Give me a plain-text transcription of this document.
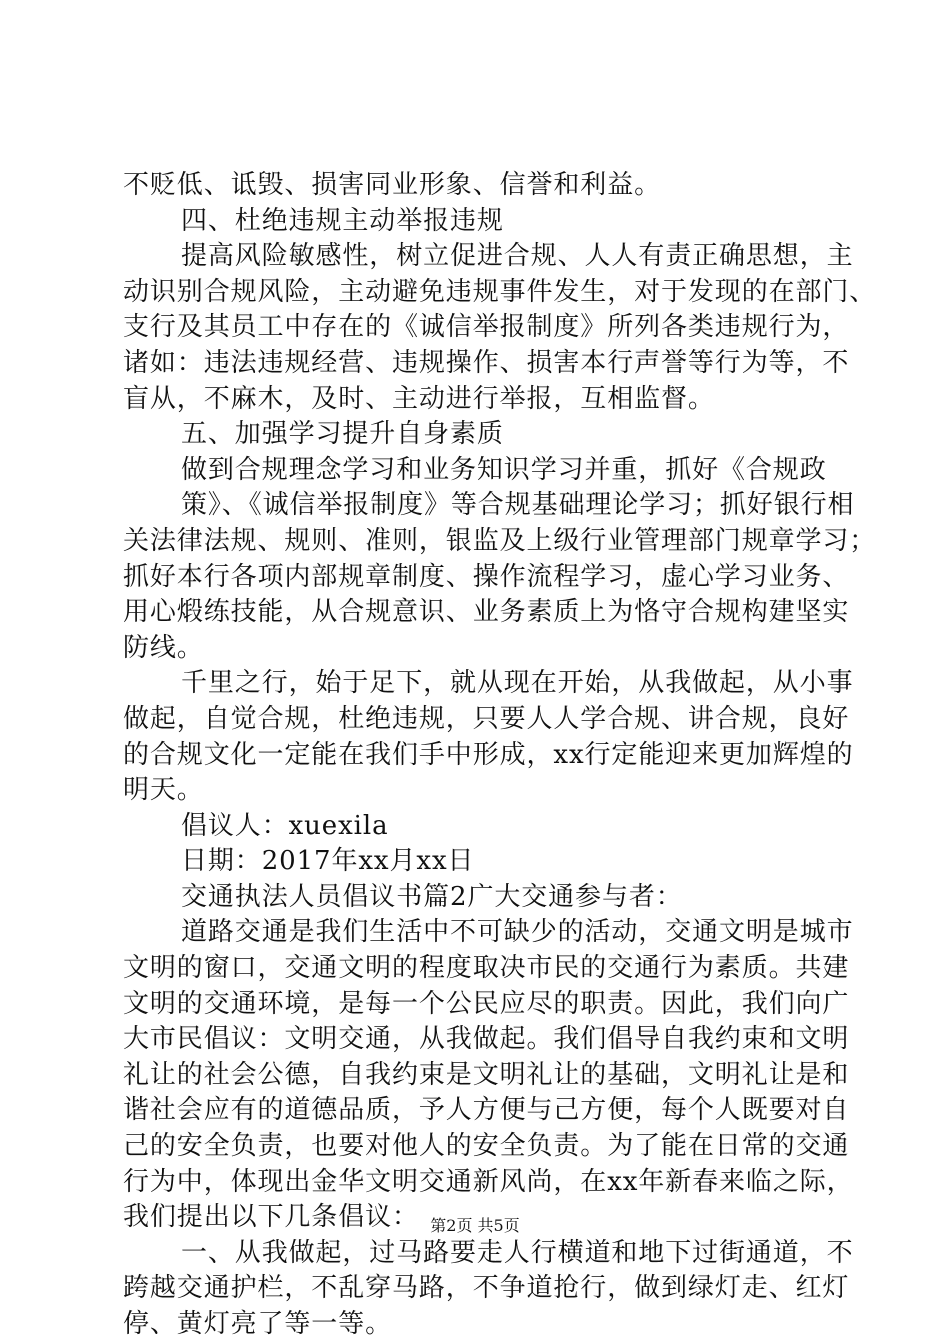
不贬低、诋毁、损害同业形象、信誉和利益。
四、杜绝违规主动举报违规
提高风险敏感性，树立促进合规、人人有责正确思想，主
动识别合规风险，主动避免违规事件发生，对于发现的在部门、
支行及其员工中存在的《诚信举报制度》所列各类违规行为，
诸如：违法违规经营、违规操作、损害本行声誉等行为等，不
盲从，不麻木，及时、主动进行举报，互相监督。
五、加强学习提升自身素质
做到合规理念学习和业务知识学习并重，抓好《合规政
策》、《诚信举报制度》等合规基础理论学习；抓好银行相
关法律法规、规则、准则，银监及上级行业管理部门规章学习；
抓好本行各项内部规章制度、操作流程学习，虚心学习业务、
用心煅练技能，从合规意识、业务素质上为恪守合规构建坚实
防线。
千里之行，始于足下，就从现在开始，从我做起，从小事
做起，自觉合规，杜绝违规，只要人人学合规、讲合规，良好
的合规文化一定能在我们手中形成，xx行定能迎来更加辉煌的
明天。
倡议人：xuexila
日期：2017年xx月xx日
交通执法人员倡议书篇2广大交通参与者：
道路交通是我们生活中不可缺少的活动，交通文明是城市
文明的窗口，交通文明的程度取决市民的交通行为素质。共建
文明的交通环境，是每一个公民应尽的职责。因此，我们向广
大市民倡议：文明交通，从我做起。我们倡导自我约束和文明
礼让的社会公德，自我约束是文明礼让的基础，文明礼让是和
谐社会应有的道德品质，予人方便与己方便，每个人既要对自
己的安全负责，也要对他人的安全负责。为了能在日常的交通
行为中，体现出金华文明交通新风尚，在xx年新春来临之际，
我们提出以下几条倡议：
一、从我做起，过马路要走人行横道和地下过街通道，不
跨越交通护栏，不乱穿马路，不争道抢行，做到绿灯走、红灯
停、黄灯亮了等一等。
第2页 共5页
